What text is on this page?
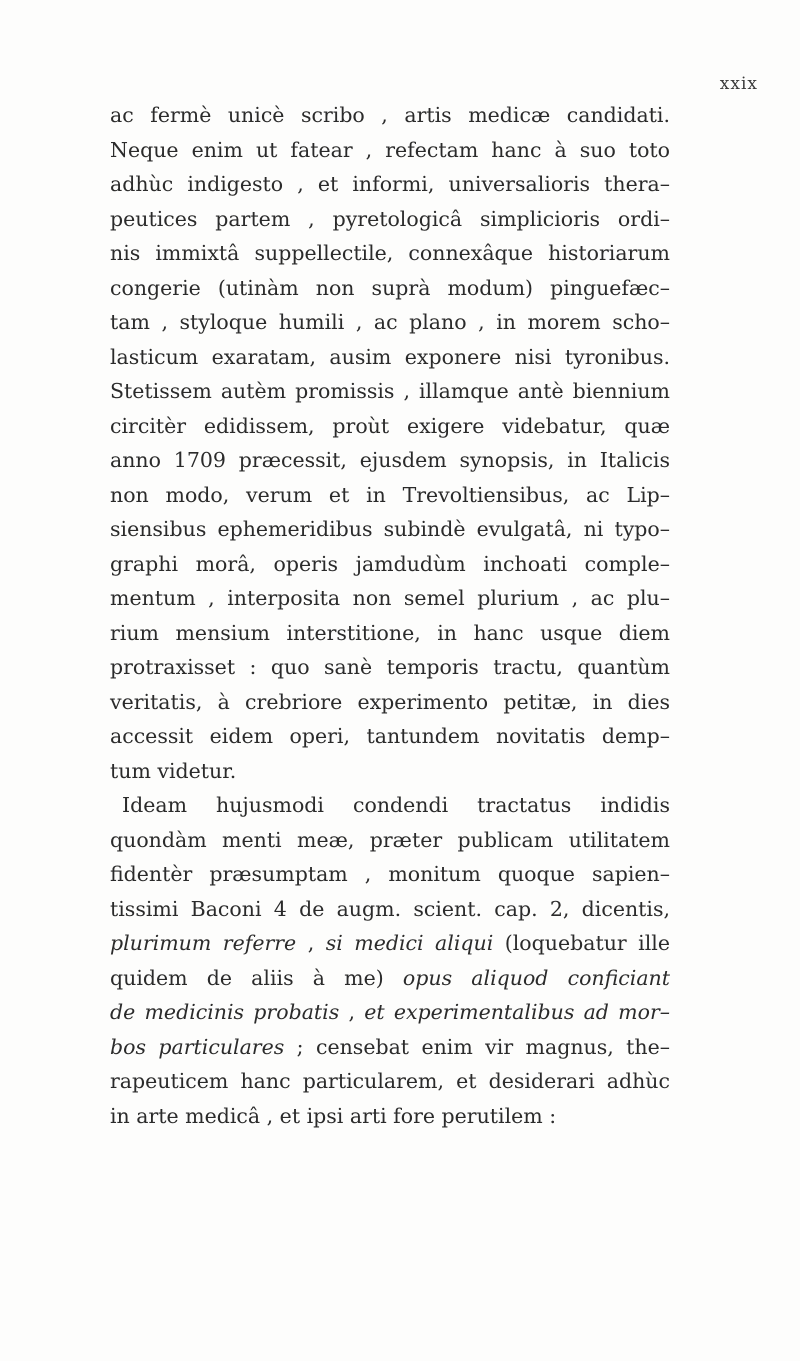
xxix
ac fermè unicè scribo , artis medicæ candidati.
Neque enim ut fatear , refectam hanc à suo toto
adhùc indigesto , et informi, universalioris thera–
peutices partem , pyretologicâ simplicioris ordi–
nis immixtâ suppellectile, connexâque historiarum
congerie (utinàm non suprà modum) pinguefæc–
tam , styloque humili , ac plano , in morem scho–
lasticum exaratam, ausim exponere nisi tyronibus.
Stetissem autèm promissis , illamque antè biennium
circitèr edidissem, proùt exigere videbatur, quæ
anno 1709 præcessit, ejusdem synopsis, in Italicis
non modo, verum et in Trevoltiensibus, ac Lip–
siensibus ephemeridibus subindè evulgatâ, ni typo–
graphi morâ, operis jamdudùm inchoati comple–
mentum , interposita non semel plurium , ac plu–
rium mensium interstitione, in hanc usque diem
protraxisset : quo sanè temporis tractu, quantùm
veritatis, à crebriore experimento petitæ, in dies
accessit eidem operi, tantundem novitatis demp–
tum videtur.
Ideam hujusmodi condendi tractatus indidis
quondàm menti meæ, præter publicam utilitatem
fidentèr præsumptam , monitum quoque sapien–
tissimi Baconi 4 de augm. scient. cap. 2, dicentis,
plurimum referre , si medici aliqui (loquebatur ille
quidem de aliis à me) opus aliquod conficiant
de medicinis probatis , et experimentalibus ad mor–
bos particulares ; censebat enim vir magnus, the–
rapeuticem hanc particularem, et desiderari adhùc
in arte medicâ , et ipsi arti fore perutilem :
